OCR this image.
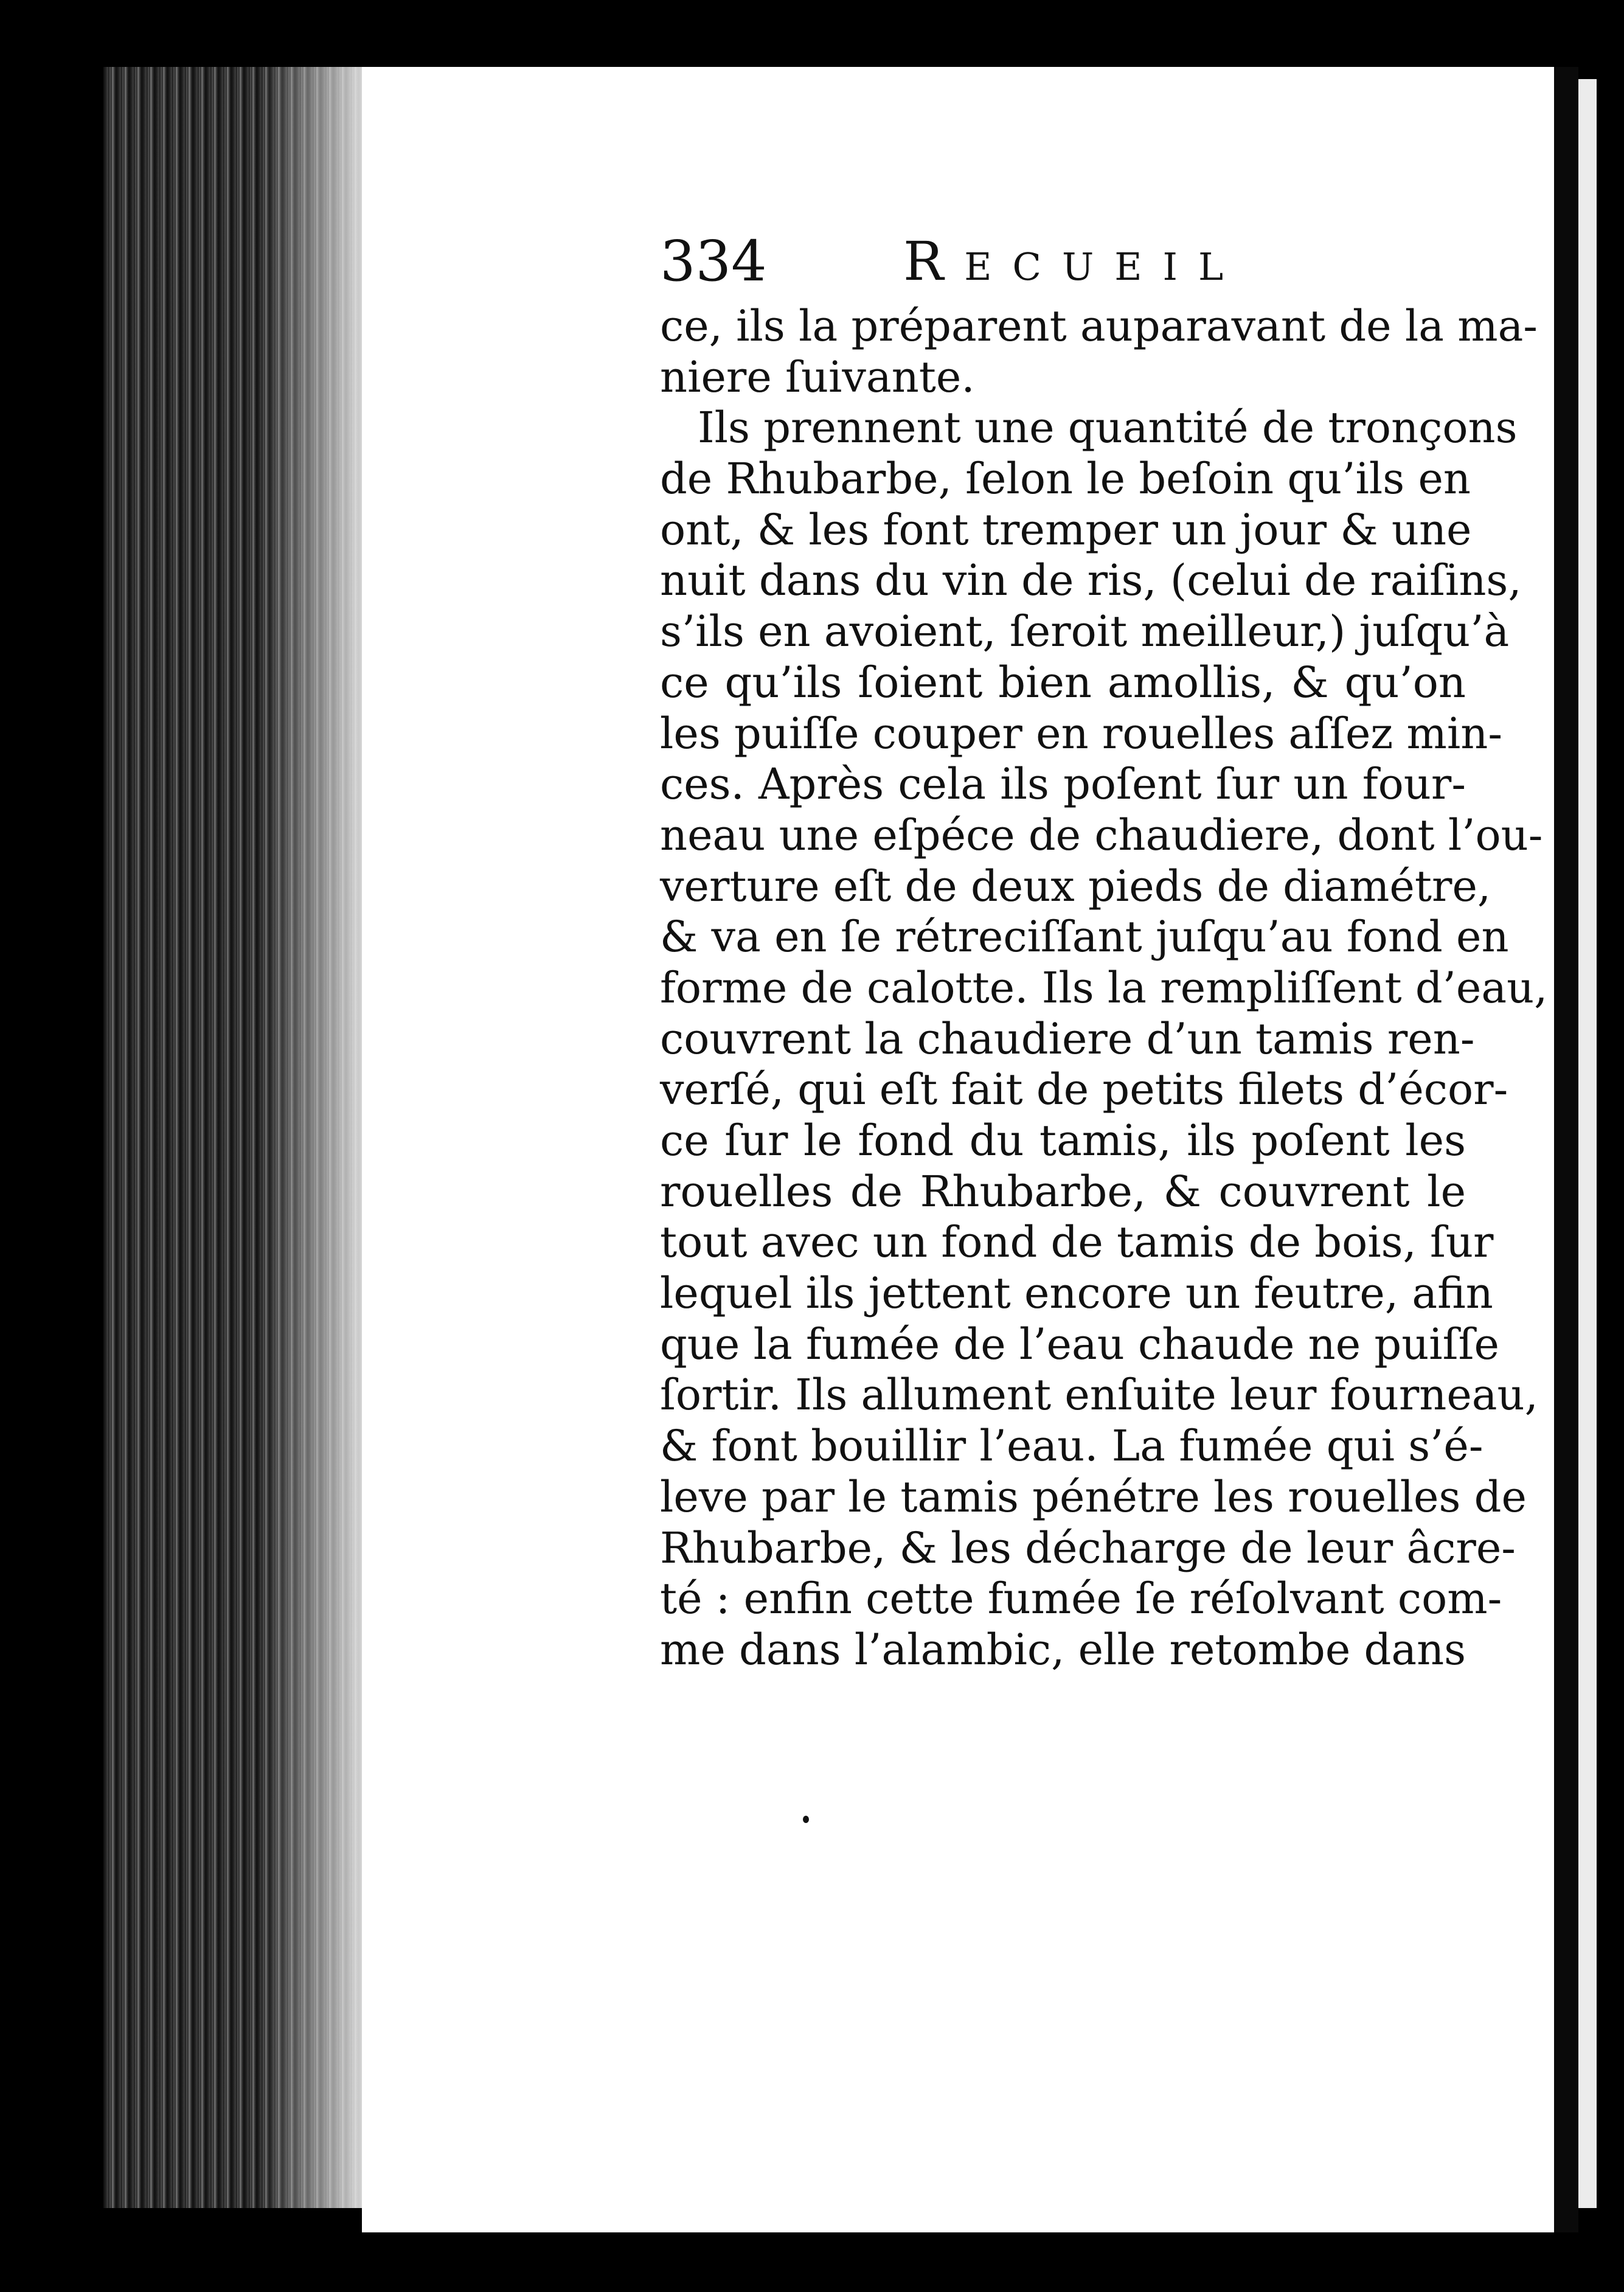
334	Recueil
ce, ils la préparent auparavant de la ma-
niere ſuivante.
Ils prennent une quantité de tronçons
de Rhubarbe, ſelon le beſoin qu’ils en
ont, & les font tremper un jour & une
nuit dans du vin de ris, (celui de raiſins,
s’ils en avoient, ſeroit meilleur,) juſqu’à
ce qu’ils ſoient bien amollis, & qu’on
les puiſſe couper en rouelles aſſez min-
ces. Après cela ils poſent ſur un four-
neau une eſpéce de chaudiere, dont l’ou-
verture eſt de deux pieds de diamétre,
& va en ſe rétreciſſant juſqu’au fond en
forme de calotte. Ils la rempliſſent d’eau,
couvrent la chaudiere d’un tamis ren-
verſé, qui eſt fait de petits filets d’écor-
ce ſur le fond du tamis, ils poſent les
rouelles de Rhubarbe, & couvrent le
tout avec un fond de tamis de bois, ſur
lequel ils jettent encore un feutre, afin
que la fumée de l’eau chaude ne puiſſe
ſortir. Ils allument enſuite leur fourneau,
& font bouillir l’eau. La fumée qui s’é-
leve par le tamis pénétre les rouelles de
Rhubarbe, & les décharge de leur âcre-
té : enfin cette fumée ſe réſolvant com-
me dans l’alambic, elle retombe dans
